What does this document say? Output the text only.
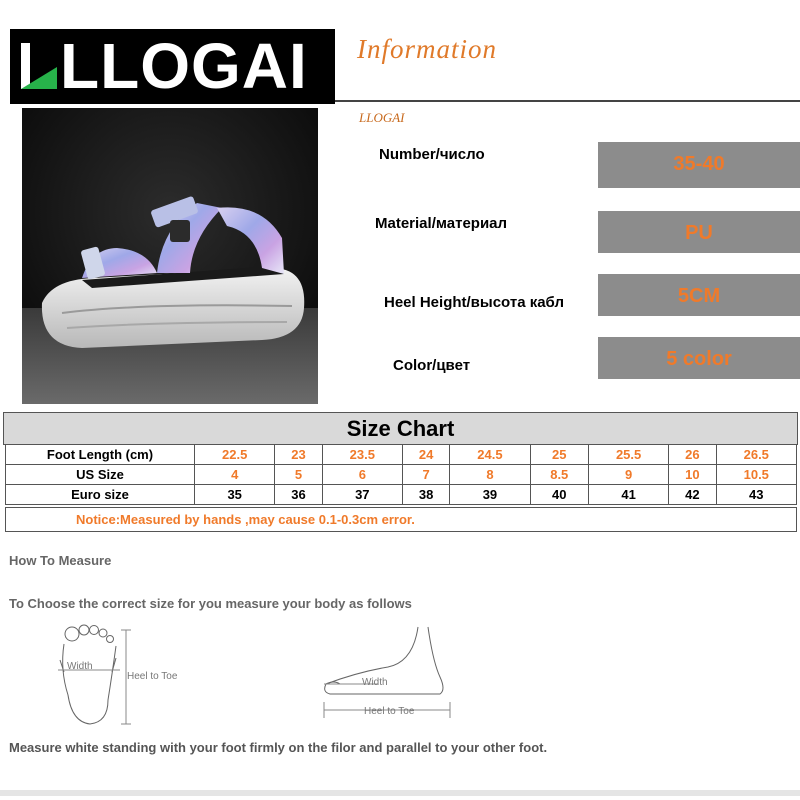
LLOGAI Information
LLOGAI
Number/число	35-40
Material/материал	PU
Heel Height/высота кабл	5CM
Color/цвет	5 color
Size Chart
Foot Length (cm)	22.5	23	23.5	24	24.5	25	25.5	26	26.5
US Size	4	5	6	7	8	8.5	9	10	10.5
Euro size	35	36	37	38	39	40	41	42	43
Notice:Measured by hands ,may cause 0.1-0.3cm error.
How To Measure
To Choose the correct size for you measure your body as follows
Width
Heel to Toe
Width
Heel to Toe
Measure white standing with your foot firmly on the filor and parallel to your other foot.
